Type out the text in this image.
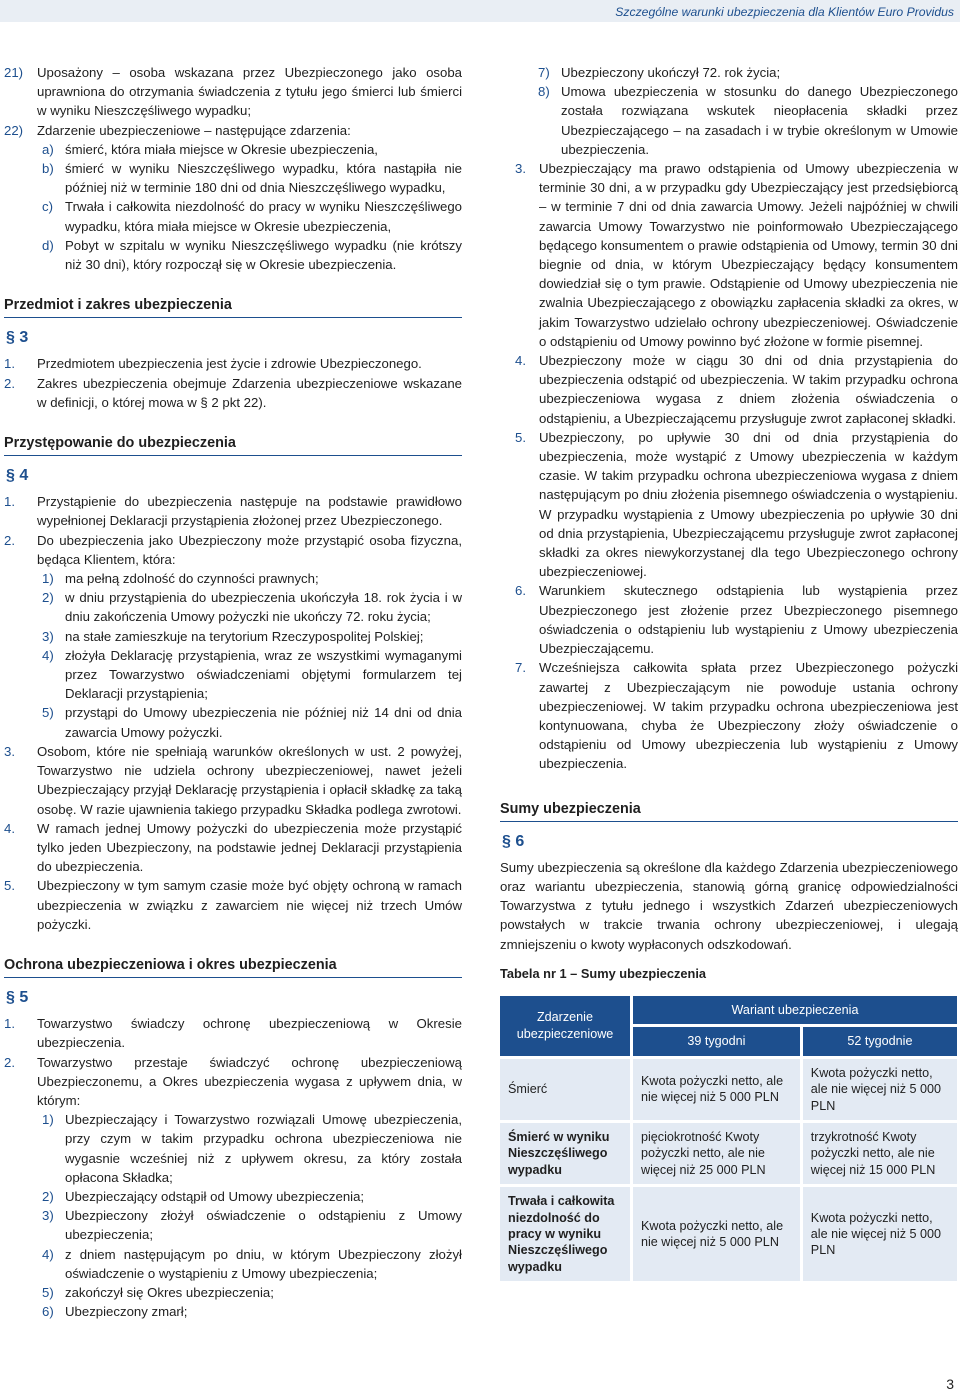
Szczególne warunki ubezpieczenia dla Klientów Euro Providus
21)	Uposażony – osoba wskazana przez Ubezpieczonego jako osoba uprawniona do otrzymania świadczenia z tytułu jego śmierci lub śmierci w wyniku Nieszczęśliwego wypadku;
22)	Zdarzenie ubezpieczeniowe – następujące zdarzenia:
a) śmierć, która miała miejsce w Okresie ubezpieczenia,
b) śmierć w wyniku Nieszczęśliwego wypadku, która nastąpiła nie później niż w terminie 180 dni od dnia Nieszczęśliwego wypadku,
c) Trwała i całkowita niezdolność do pracy w wyniku Nieszczęśliwego wypadku, która miała miejsce w Okresie ubezpieczenia,
d) Pobyt w szpitalu w wyniku Nieszczęśliwego wypadku (nie krótszy niż 30 dni), który rozpoczął się w Okresie ubezpieczenia.
Przedmiot i zakres ubezpieczenia
§ 3
1.	Przedmiotem ubezpieczenia jest życie i zdrowie Ubezpieczonego.
2.	Zakres ubezpieczenia obejmuje Zdarzenia ubezpieczeniowe wskazane w definicji, o której mowa w § 2 pkt 22).
Przystępowanie do ubezpieczenia
§ 4
1.	Przystąpienie do ubezpieczenia następuje na podstawie prawidłowo wypełnionej Deklaracji przystąpienia złożonej przez Ubezpieczonego.
2.	Do ubezpieczenia jako Ubezpieczony może przystąpić osoba fizyczna, będąca Klientem, która:
1) ma pełną zdolność do czynności prawnych;
2) w dniu przystąpienia do ubezpieczenia ukończyła 18. rok życia i w dniu zakończenia Umowy pożyczki nie ukończy 72. roku życia;
3) na stałe zamieszkuje na terytorium Rzeczypospolitej Polskiej;
4) złożyła Deklarację przystąpienia, wraz ze wszystkimi wymaganymi przez Towarzystwo oświadczeniami objętymi formularzem tej Deklaracji przystąpienia;
5) przystąpi do Umowy ubezpieczenia nie później niż 14 dni od dnia zawarcia Umowy pożyczki.
3.	Osobom, które nie spełniają warunków określonych w ust. 2 powyżej, Towarzystwo nie udziela ochrony ubezpieczeniowej, nawet jeżeli Ubezpieczający przyjął Deklarację przystąpienia i opłacił składkę za taką osobę. W razie ujawnienia takiego przypadku Składka podlega zwrotowi.
4.	W ramach jednej Umowy pożyczki do ubezpieczenia może przystąpić tylko jeden Ubezpieczony, na podstawie jednej Deklaracji przystąpienia do ubezpieczenia.
5.	Ubezpieczony w tym samym czasie może być objęty ochroną w ramach ubezpieczenia w związku z zawarciem nie więcej niż trzech Umów pożyczki.
Ochrona ubezpieczeniowa i okres ubezpieczenia
§ 5
1.	Towarzystwo świadczy ochronę ubezpieczeniową w Okresie ubezpieczenia.
2.	Towarzystwo przestaje świadczyć ochronę ubezpieczeniową Ubezpieczonemu, a Okres ubezpieczenia wygasa z upływem dnia, w którym:
1) Ubezpieczający i Towarzystwo rozwiązali Umowę ubezpieczenia, przy czym w takim przypadku ochrona ubezpieczeniowa nie wygasnie wcześniej niż z upływem okresu, za który została opłacona Składka;
2) Ubezpieczający odstąpił od Umowy ubezpieczenia;
3) Ubezpieczony złożył oświadczenie o odstąpieniu z Umowy ubezpieczenia;
4) z dniem następującym po dniu, w którym Ubezpieczony złożył oświadczenie o wystąpieniu z Umowy ubezpieczenia;
5) zakończył się Okres ubezpieczenia;
6) Ubezpieczony zmarł;
7) Ubezpieczony ukończył 72. rok życia;
8) Umowa ubezpieczenia w stosunku do danego Ubezpieczonego została rozwiązana wskutek nieopłacenia składki przez Ubezpieczającego – na zasadach i w trybie określonym w Umowie ubezpieczenia.
3. Ubezpieczający ma prawo odstąpienia od Umowy ubezpieczenia w terminie 30 dni, a w przypadku gdy Ubezpieczający jest przedsiębiorcą – w terminie 7 dni od dnia zawarcia Umowy. Jeżeli najpóźniej w chwili zawarcia Umowy Towarzystwo nie poinformowało Ubezpieczającego będącego konsumentem o prawie odstąpienia od Umowy, termin 30 dni biegnie od dnia, w którym Ubezpieczający będący konsumentem dowiedział się o tym prawie. Odstąpienie od Umowy ubezpieczenia nie zwalnia Ubezpieczającego z obowiązku zapłacenia składki za okres, w jakim Towarzystwo udzielało ochrony ubezpieczeniowej. Oświadczenie o odstąpieniu od Umowy powinno być złożone w formie pisemnej.
4. Ubezpieczony może w ciągu 30 dni od dnia przystąpienia do ubezpieczenia odstąpić od ubezpieczenia. W takim przypadku ochrona ubezpieczeniowa wygasa z dniem złożenia oświadczenia o odstąpieniu, a Ubezpieczającemu przysługuje zwrot zapłaconej składki.
5. Ubezpieczony, po upływie 30 dni od dnia przystąpienia do ubezpieczenia, może wystąpić z Umowy ubezpieczenia w każdym czasie. W takim przypadku ochrona ubezpieczeniowa wygasa z dniem następującym po dniu złożenia pisemnego oświadczenia o wystąpieniu. W przypadku wystąpienia z Umowy ubezpieczenia po upływie 30 dni od dnia przystąpienia, Ubezpieczającemu przysługuje zwrot zapłaconej składki za okres niewykorzystanej dla tego Ubezpieczonego ochrony ubezpieczeniowej.
6. Warunkiem skutecznego odstąpienia lub wystąpienia przez Ubezpieczonego jest złożenie przez Ubezpieczonego pisemnego oświadczenia o odstąpieniu lub wystąpieniu z Umowy ubezpieczenia Ubezpieczającemu.
7. Wcześniejsza całkowita spłata przez Ubezpieczonego pożyczki zawartej z Ubezpieczającym nie powoduje ustania ochrony ubezpieczeniowej. W takim przypadku ochrona ubezpieczeniowa jest kontynuowana, chyba że Ubezpieczony złoży oświadczenie o odstąpieniu od Umowy ubezpieczenia lub wystąpieniu z Umowy ubezpieczenia.
Sumy ubezpieczenia
§ 6
Sumy ubezpieczenia są określone dla każdego Zdarzenia ubezpieczeniowego oraz wariantu ubezpieczenia, stanowią górną granicę odpowiedzialności Towarzystwa z tytułu jednego i wszystkich Zdarzeń ubezpieczeniowych powstałych w trakcie trwania ochrony ubezpieczeniowej, i ulegają zmniejszeniu o kwoty wypłaconych odszkodowań.
Tabela nr 1 – Sumy ubezpieczenia
Zdarzenie ubezpieczeniowe	Wariant ubezpieczenia	
	39 tygodni	52 tygodnie
Śmierć	Kwota pożyczki netto, ale nie więcej niż 5 000 PLN	Kwota pożyczki netto, ale nie więcej niż 5 000 PLN
Śmierć w wyniku Nieszczęśliwego wypadku	pięciokrotność Kwoty pożyczki netto, ale nie więcej niż 25 000 PLN	trzykrotność Kwoty pożyczki netto, ale nie więcej niż 15 000 PLN
Trwała i całkowita niezdolność do pracy w wyniku Nieszczęśliwego wypadku	Kwota pożyczki netto, ale nie więcej niż 5 000 PLN	Kwota pożyczki netto, ale nie więcej niż 5 000 PLN
3
